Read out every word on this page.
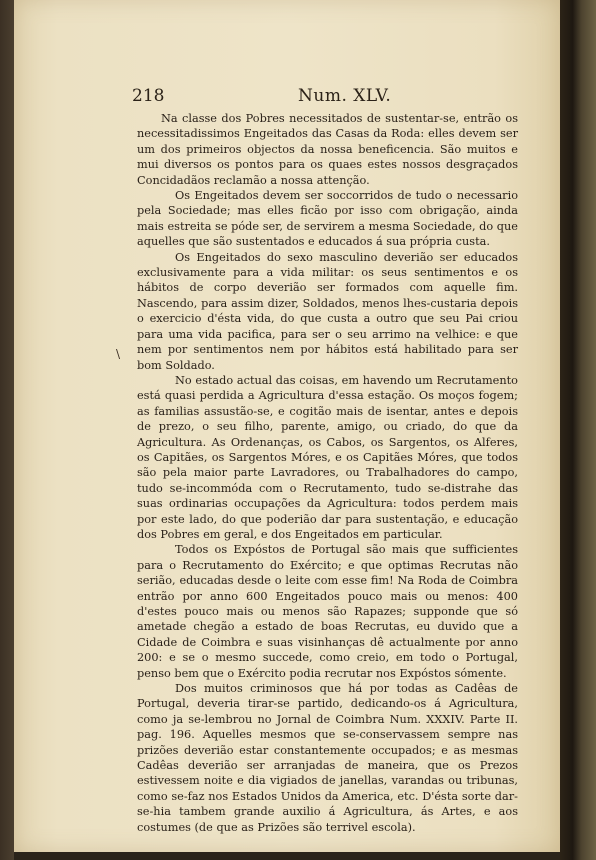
218	Num. XLV.
\

Na classe dos Pobres necessitados de sustentar-se, entrão os necessitadissimos Engeitados das Casas da Roda: elles devem ser um dos primeiros objectos da nossa beneficencia. São muitos e mui diversos os pontos para os quaes estes nossos desgraçados Concidadãos reclamão a nossa attenção.

Os Engeitados devem ser soccorridos de tudo o necessario pela Sociedade; mas elles ficão por isso com obrigação, ainda mais estreita se póde ser, de servirem a mesma Sociedade, do que aquelles que são sustentados e educados á sua própria custa.

Os Engeitados do sexo masculino deverião ser educados exclusivamente para a vida militar: os seus sentimentos e os hábitos de corpo deverião ser formados com aquelle fim. Nascendo, para assim dizer, Soldados, menos lhes-custaria depois o exercicio d'ésta vida, do que custa a outro que seu Pai criou para uma vida pacifica, para ser o seu arrimo na velhice: e que nem por sentimentos nem por hábitos está habilitado para ser bom Soldado.

No estado actual das coisas, em havendo um Recrutamento está quasi perdida a Agricultura d'essa estação. Os moços fogem; as familias assustão-se, e cogitão mais de isentar, antes e depois de prezo, o seu filho, parente, amigo, ou criado, do que da Agricultura. As Ordenanças, os Cabos, os Sargentos, os Alferes, os Capitães, os Sargentos Móres, e os Capitães Móres, que todos são pela maior parte Lavradores, ou Trabalhadores do campo, tudo se-incommóda com o Recrutamento, tudo se-distrahe das suas ordinarias occupações da Agricultura: todos perdem mais por este lado, do que poderião dar para sustentação, e educação dos Pobres em geral, e dos Engeitados em particular.

Todos os Expóstos de Portugal são mais que sufficientes para o Recrutamento do Exército; e que optimas Recrutas não serião, educadas desde o leite com esse fim! Na Roda de Coimbra entrão por anno 600 Engeitados pouco mais ou menos: 400 d'estes pouco mais ou menos são Rapazes; supponde que só ametade chegão a estado de boas Recrutas, eu duvido que a Cidade de Coimbra e suas visinhanças dê actualmente por anno 200: e se o mesmo succede, como creio, em todo o Portugal, penso bem que o Exército podia recrutar nos Expóstos sómente.

Dos muitos criminosos que há por todas as Cadêas de Portugal, deveria tirar-se partido, dedicando-os á Agricultura, como ja se-lembrou no Jornal de Coimbra Num. XXXIV. Parte II. pag. 196. Aquelles mesmos que se-conservassem sempre nas prizões deverião estar constantemente occupados; e as mesmas Cadêas deverião ser arranjadas de maneira, que os Prezos estivessem noite e dia vigiados de janellas, varandas ou tribunas, como se-faz nos Estados Unidos da America, etc. D'ésta sorte dar-se-hia tambem grande auxilio á Agricultura, ás Artes, e aos costumes (de que as Prizões são terrivel escola).
